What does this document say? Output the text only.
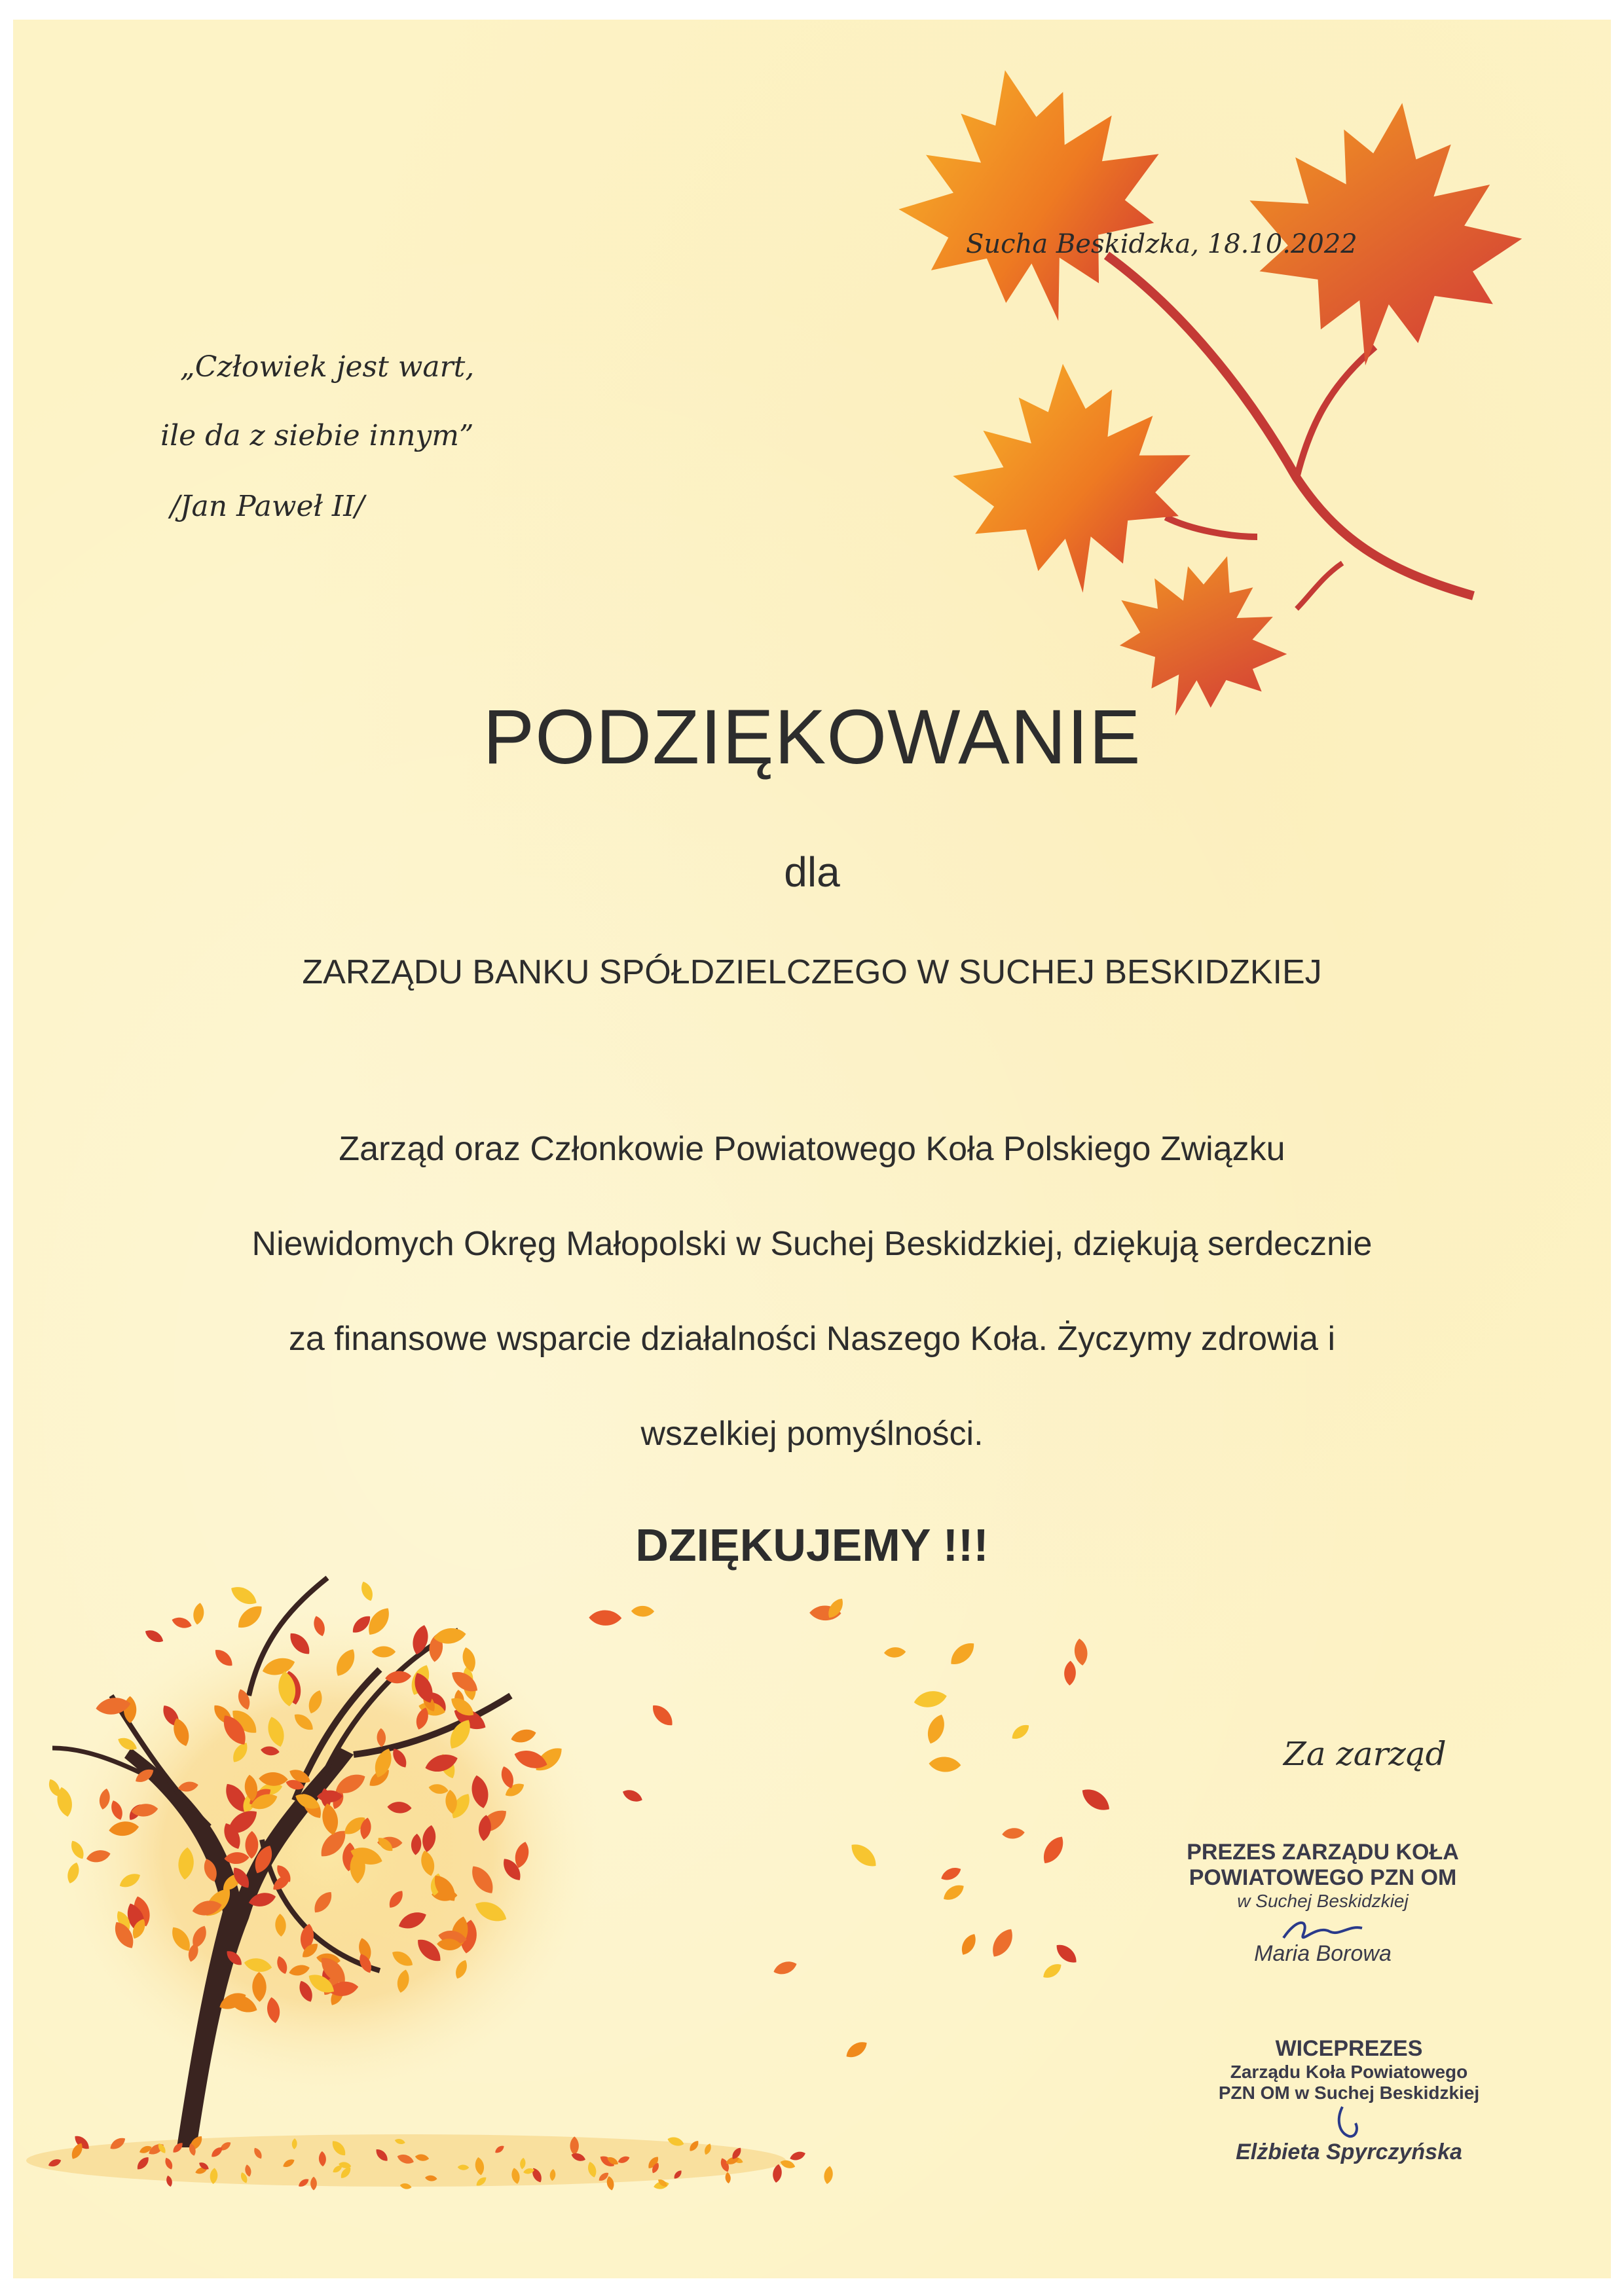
Sucha Beskidzka, 18.10.2022
„Człowiek jest wart,
ile da z siebie innym”
/Jan Paweł II/
PODZIĘKOWANIE
dla
ZARZĄDU BANKU SPÓŁDZIELCZEGO W SUCHEJ BESKIDZKIEJ
Zarząd oraz Członkowie Powiatowego Koła Polskiego Związku
Niewidomych Okręg Małopolski w Suchej Beskidzkiej, dziękują serdecznie
za finansowe wsparcie działalności Naszego Koła. Życzymy zdrowia i
wszelkiej pomyślności.
DZIĘKUJEMY !!!
Za zarząd
PREZES ZARZĄDU KOŁA
POWIATOWEGO PZN OM
w Suchej Beskidzkiej
Maria Borowa
WICEPREZES
Zarządu Koła Powiatowego
PZN OM w Suchej Beskidzkiej
Elżbieta Spyrczyńska
